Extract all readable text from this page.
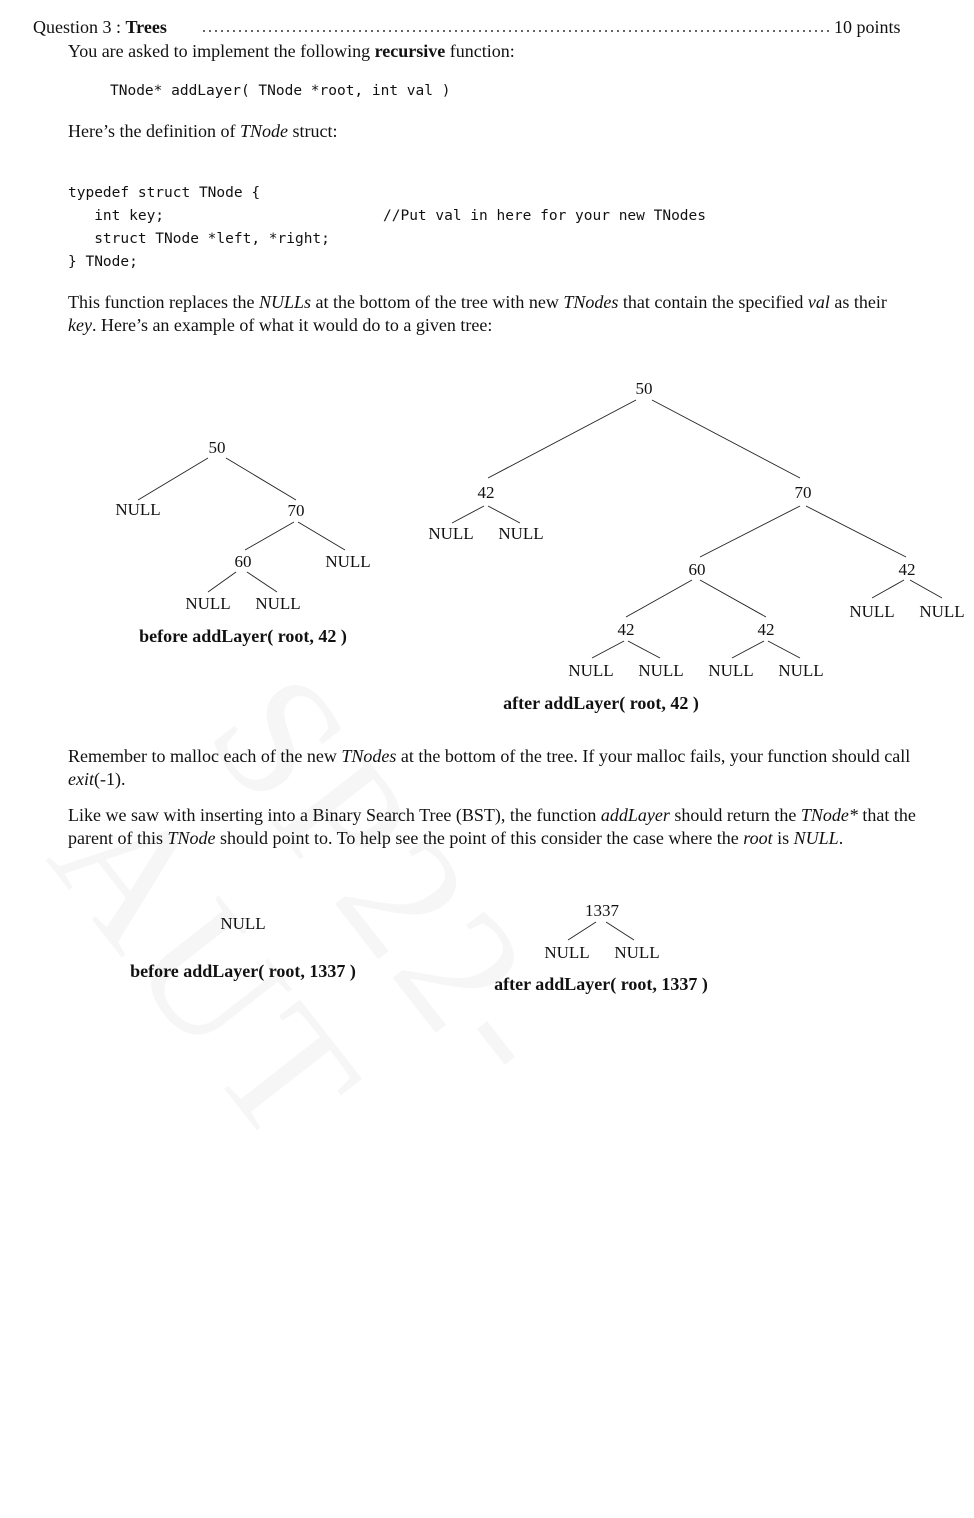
Question 3 : Trees	10 points
You are asked to implement the following recursive function:
TNode* addLayer( TNode *root, int val )
Here’s the definition of TNode struct:
typedef struct TNode {
int key;	//Put val in here for your new TNodes
struct TNode *left, *right;
} TNode;
This function replaces the NULLs at the bottom of the tree with new TNodes that contain the specified val as their key. Here’s an example of what it would do to a given tree:
50
NULL	70
60	NULL
NULL NULL
before addLayer( root, 42 )
50
42	70
NULL NULL
60	42
NULL NULL
42	42
NULL NULL NULL NULL
after addLayer( root, 42 )
NULL
before addLayer( root, 1337 )
1337
NULL NULL
after addLayer( root, 1337 )
Remember to malloc each of the new TNodes at the bottom of the tree. If your malloc fails, your function should call exit(-1).
Like we saw with inserting into a Binary Search Tree (BST), the function addLayer should return the TNode* that the parent of this TNode should point to. To help see the point of this consider the case where the root is NULL.
